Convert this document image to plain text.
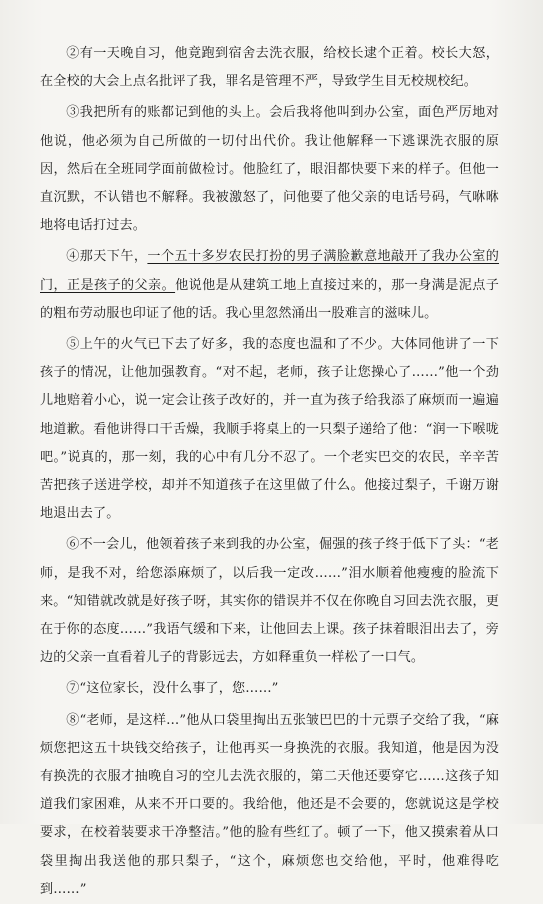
②有一天晚自习，他竟跑到宿舍去洗衣服，给校长逮个正着。校长大怒，在全校的大会上点名批评了我，罪名是管理不严，导致学生目无校规校纪。

③我把所有的账都记到他的头上。会后我将他叫到办公室，面色严厉地对他说，他必须为自己所做的一切付出代价。我让他解释一下逃课洗衣服的原因，然后在全班同学面前做检讨。他脸红了，眼泪都快要下来的样子。但他一直沉默，不认错也不解释。我被激怒了，问他要了他父亲的电话号码，气咻咻地将电话打过去。

④那天下午，一个五十多岁农民打扮的男子满脸歉意地敲开了我办公室的门，正是孩子的父亲。他说他是从建筑工地上直接过来的，那一身满是泥点子的粗布劳动服也印证了他的话。我心里忽然涌出一股难言的滋味儿。

⑤上午的火气已下去了好多，我的态度也温和了不少。大体同他讲了一下孩子的情况，让他加强教育。“对不起，老师，孩子让您操心了……”他一个劲儿地赔着小心，说一定会让孩子改好的，并一直为孩子给我添了麻烦而一遍遍地道歉。看他讲得口干舌燥，我顺手将桌上的一只梨子递给了他：“润一下喉咙吧。”说真的，那一刻，我的心中有几分不忍了。一个老实巴交的农民，辛辛苦苦把孩子送进学校，却并不知道孩子在这里做了什么。他接过梨子，千谢万谢地退出去了。

⑥不一会儿，他领着孩子来到我的办公室，倔强的孩子终于低下了头：“老师，是我不对，给您添麻烦了，以后我一定改……”泪水顺着他瘦瘦的脸流下来。“知错就改就是好孩子呀，其实你的错误并不仅在你晚自习回去洗衣服，更在于你的态度……”我语气缓和下来，让他回去上课。孩子抹着眼泪出去了，旁边的父亲一直看着儿子的背影远去，方如释重负一样松了一口气。

⑦“这位家长，没什么事了，您……”

⑧“老师，是这样…”他从口袋里掏出五张皱巴巴的十元票子交给了我，“麻烦您把这五十块钱交给孩子，让他再买一身换洗的衣服。我知道，他是因为没有换洗的衣服才抽晚自习的空儿去洗衣服的，第二天他还要穿它……这孩子知道我们家困难，从来不开口要的。我给他，他还是不会要的，您就说这是学校要求，在校着装要求干净整洁。”他的脸有些红了。顿了一下，他又摸索着从口袋里掏出我送他的那只梨子，“这个，麻烦您也交给他，平时，他难得吃到……”
